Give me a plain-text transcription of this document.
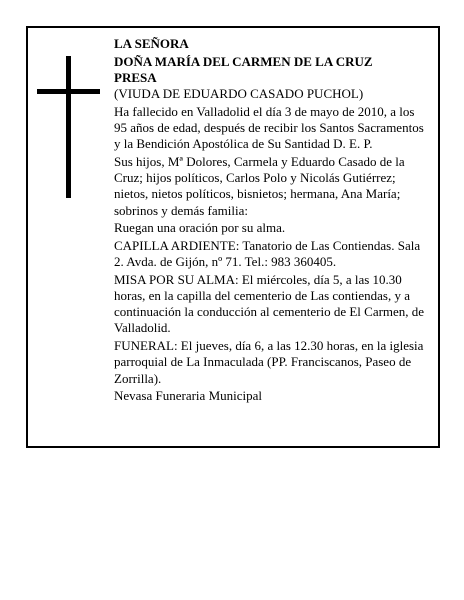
LA SEÑORA

DOÑA MARÍA DEL CARMEN DE LA CRUZ
PRESA

(VIUDA DE EDUARDO CASADO PUCHOL)

Ha fallecido en Valladolid el día 3 de mayo de 2010, a los 95 años de edad, después de recibir los Santos Sacramentos y la Bendición Apostólica de Su Santidad D. E. P.

Sus hijos, Mª Dolores, Carmela y Eduardo Casado de la Cruz; hijos políticos, Carlos Polo y Nicolás Gutiérrez; nietos, nietos políticos, bisnietos; hermana, Ana María; sobrinos y demás familia:

Ruegan una oración por su alma.

CAPILLA ARDIENTE: Tanatorio de Las Contiendas. Sala 2. Avda. de Gijón, nº 71. Tel.: 983 360405.

MISA POR SU ALMA: El miércoles, día 5, a las 10.30 horas, en la capilla del cementerio de Las contiendas, y a continuación la conducción al cementerio de El Carmen, de Valladolid.

FUNERAL: El jueves, día 6, a las 12.30 horas, en la iglesia parroquial de La Inmaculada (PP. Franciscanos, Paseo de Zorrilla).

Nevasa Funeraria Municipal
